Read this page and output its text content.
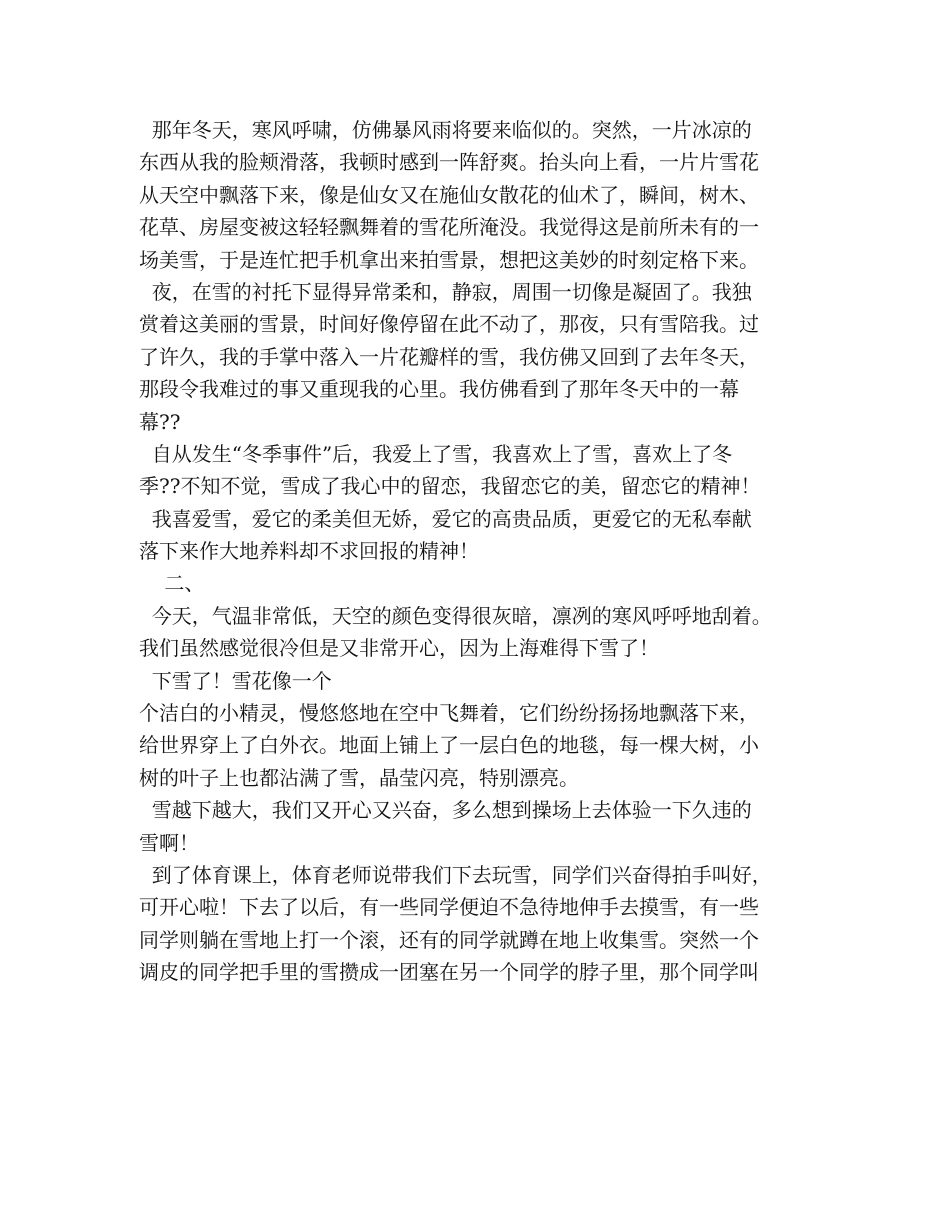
那年冬天，寒风呼啸，仿佛暴风雨将要来临似的。突然，一片冰凉的
东西从我的脸颊滑落，我顿时感到一阵舒爽。抬头向上看，一片片雪花
从天空中飘落下来，像是仙女又在施仙女散花的仙术了，瞬间，树木、
花草、房屋变被这轻轻飘舞着的雪花所淹没。我觉得这是前所未有的一
场美雪，于是连忙把手机拿出来拍雪景，想把这美妙的时刻定格下来。
夜，在雪的衬托下显得异常柔和，静寂，周围一切像是凝固了。我独
赏着这美丽的雪景，时间好像停留在此不动了，那夜，只有雪陪我。过
了许久，我的手掌中落入一片花瓣样的雪，我仿佛又回到了去年冬天，
那段令我难过的事又重现我的心里。我仿佛看到了那年冬天中的一幕
幕??
自从发生“冬季事件”后，我爱上了雪，我喜欢上了雪，喜欢上了冬
季??不知不觉，雪成了我心中的留恋，我留恋它的美，留恋它的精神！
我喜爱雪，爱它的柔美但无娇，爱它的高贵品质，更爱它的无私奉献
落下来作大地养料却不求回报的精神！
二、
今天，气温非常低，天空的颜色变得很灰暗，凛冽的寒风呼呼地刮着。
我们虽然感觉很冷但是又非常开心，因为上海难得下雪了！
下雪了！雪花像一个
个洁白的小精灵，慢悠悠地在空中飞舞着，它们纷纷扬扬地飘落下来，
给世界穿上了白外衣。地面上铺上了一层白色的地毯，每一棵大树，小
树的叶子上也都沾满了雪，晶莹闪亮，特别漂亮。
雪越下越大，我们又开心又兴奋，多么想到操场上去体验一下久违的
雪啊！
到了体育课上，体育老师说带我们下去玩雪，同学们兴奋得拍手叫好，
可开心啦！下去了以后，有一些同学便迫不急待地伸手去摸雪，有一些
同学则躺在雪地上打一个滚，还有的同学就蹲在地上收集雪。突然一个
调皮的同学把手里的雪攒成一团塞在另一个同学的脖子里，那个同学叫
